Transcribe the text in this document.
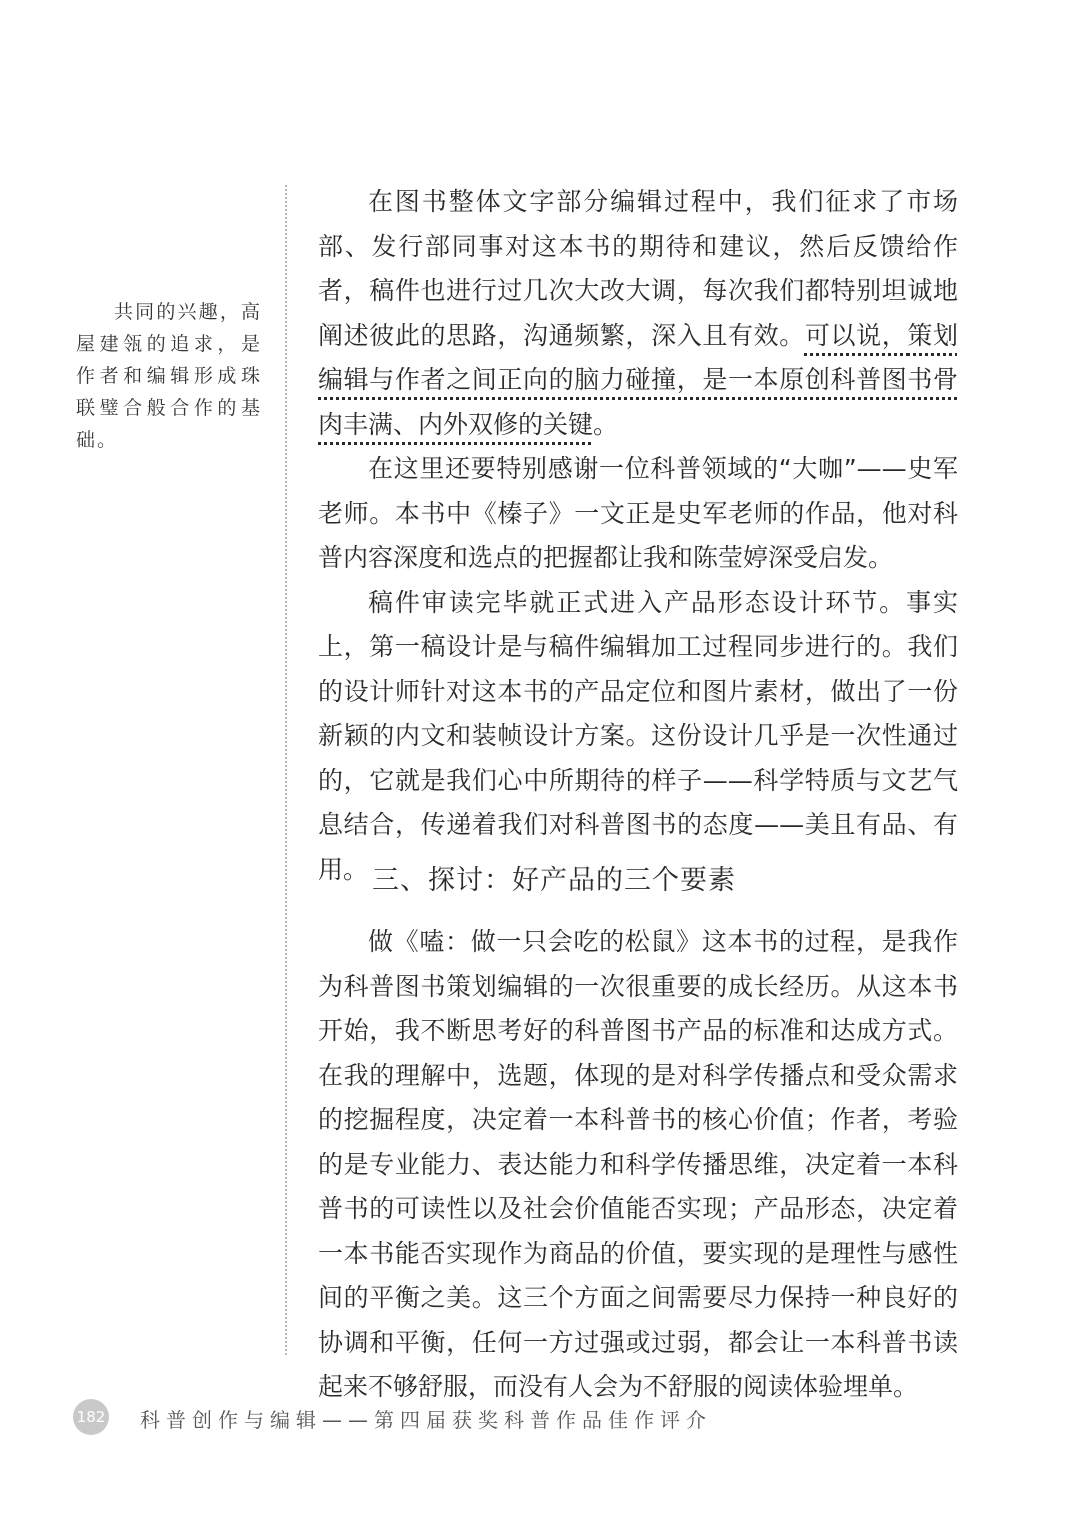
共同的兴趣，高屋建瓴的追求，是作者和编辑形成珠联璧合般合作的基础。

在图书整体文字部分编辑过程中，我们征求了市场部、发行部同事对这本书的期待和建议，然后反馈给作者，稿件也进行过几次大改大调，每次我们都特别坦诚地阐述彼此的思路，沟通频繁，深入且有效。可以说，策划编辑与作者之间正向的脑力碰撞，是一本原创科普图书骨肉丰满、内外双修的关键。

在这里还要特别感谢一位科普领域的“大咖”——史军老师。本书中《榛子》一文正是史军老师的作品，他对科普内容深度和选点的把握都让我和陈莹婷深受启发。

稿件审读完毕就正式进入产品形态设计环节。事实上，第一稿设计是与稿件编辑加工过程同步进行的。我们的设计师针对这本书的产品定位和图片素材，做出了一份新颖的内文和装帧设计方案。这份设计几乎是一次性通过的，它就是我们心中所期待的样子——科学特质与文艺气息结合，传递着我们对科普图书的态度——美且有品、有用。 三、探讨：好产品的三个要素

做《嗑：做一只会吃的松鼠》这本书的过程，是我作为科普图书策划编辑的一次很重要的成长经历。从这本书开始，我不断思考好的科普图书产品的标准和达成方式。在我的理解中，选题，体现的是对科学传播点和受众需求的挖掘程度，决定着一本科普书的核心价值；作者，考验的是专业能力、表达能力和科学传播思维，决定着一本科普书的可读性以及社会价值能否实现；产品形态，决定着一本书能否实现作为商品的价值，要实现的是理性与感性间的平衡之美。这三个方面之间需要尽力保持一种良好的协调和平衡，任何一方过强或过弱，都会让一本科普书读起来不够舒服，而没有人会为不舒服的阅读体验埋单。

182 科普创作与编辑——第四届获奖科普作品佳作评介
